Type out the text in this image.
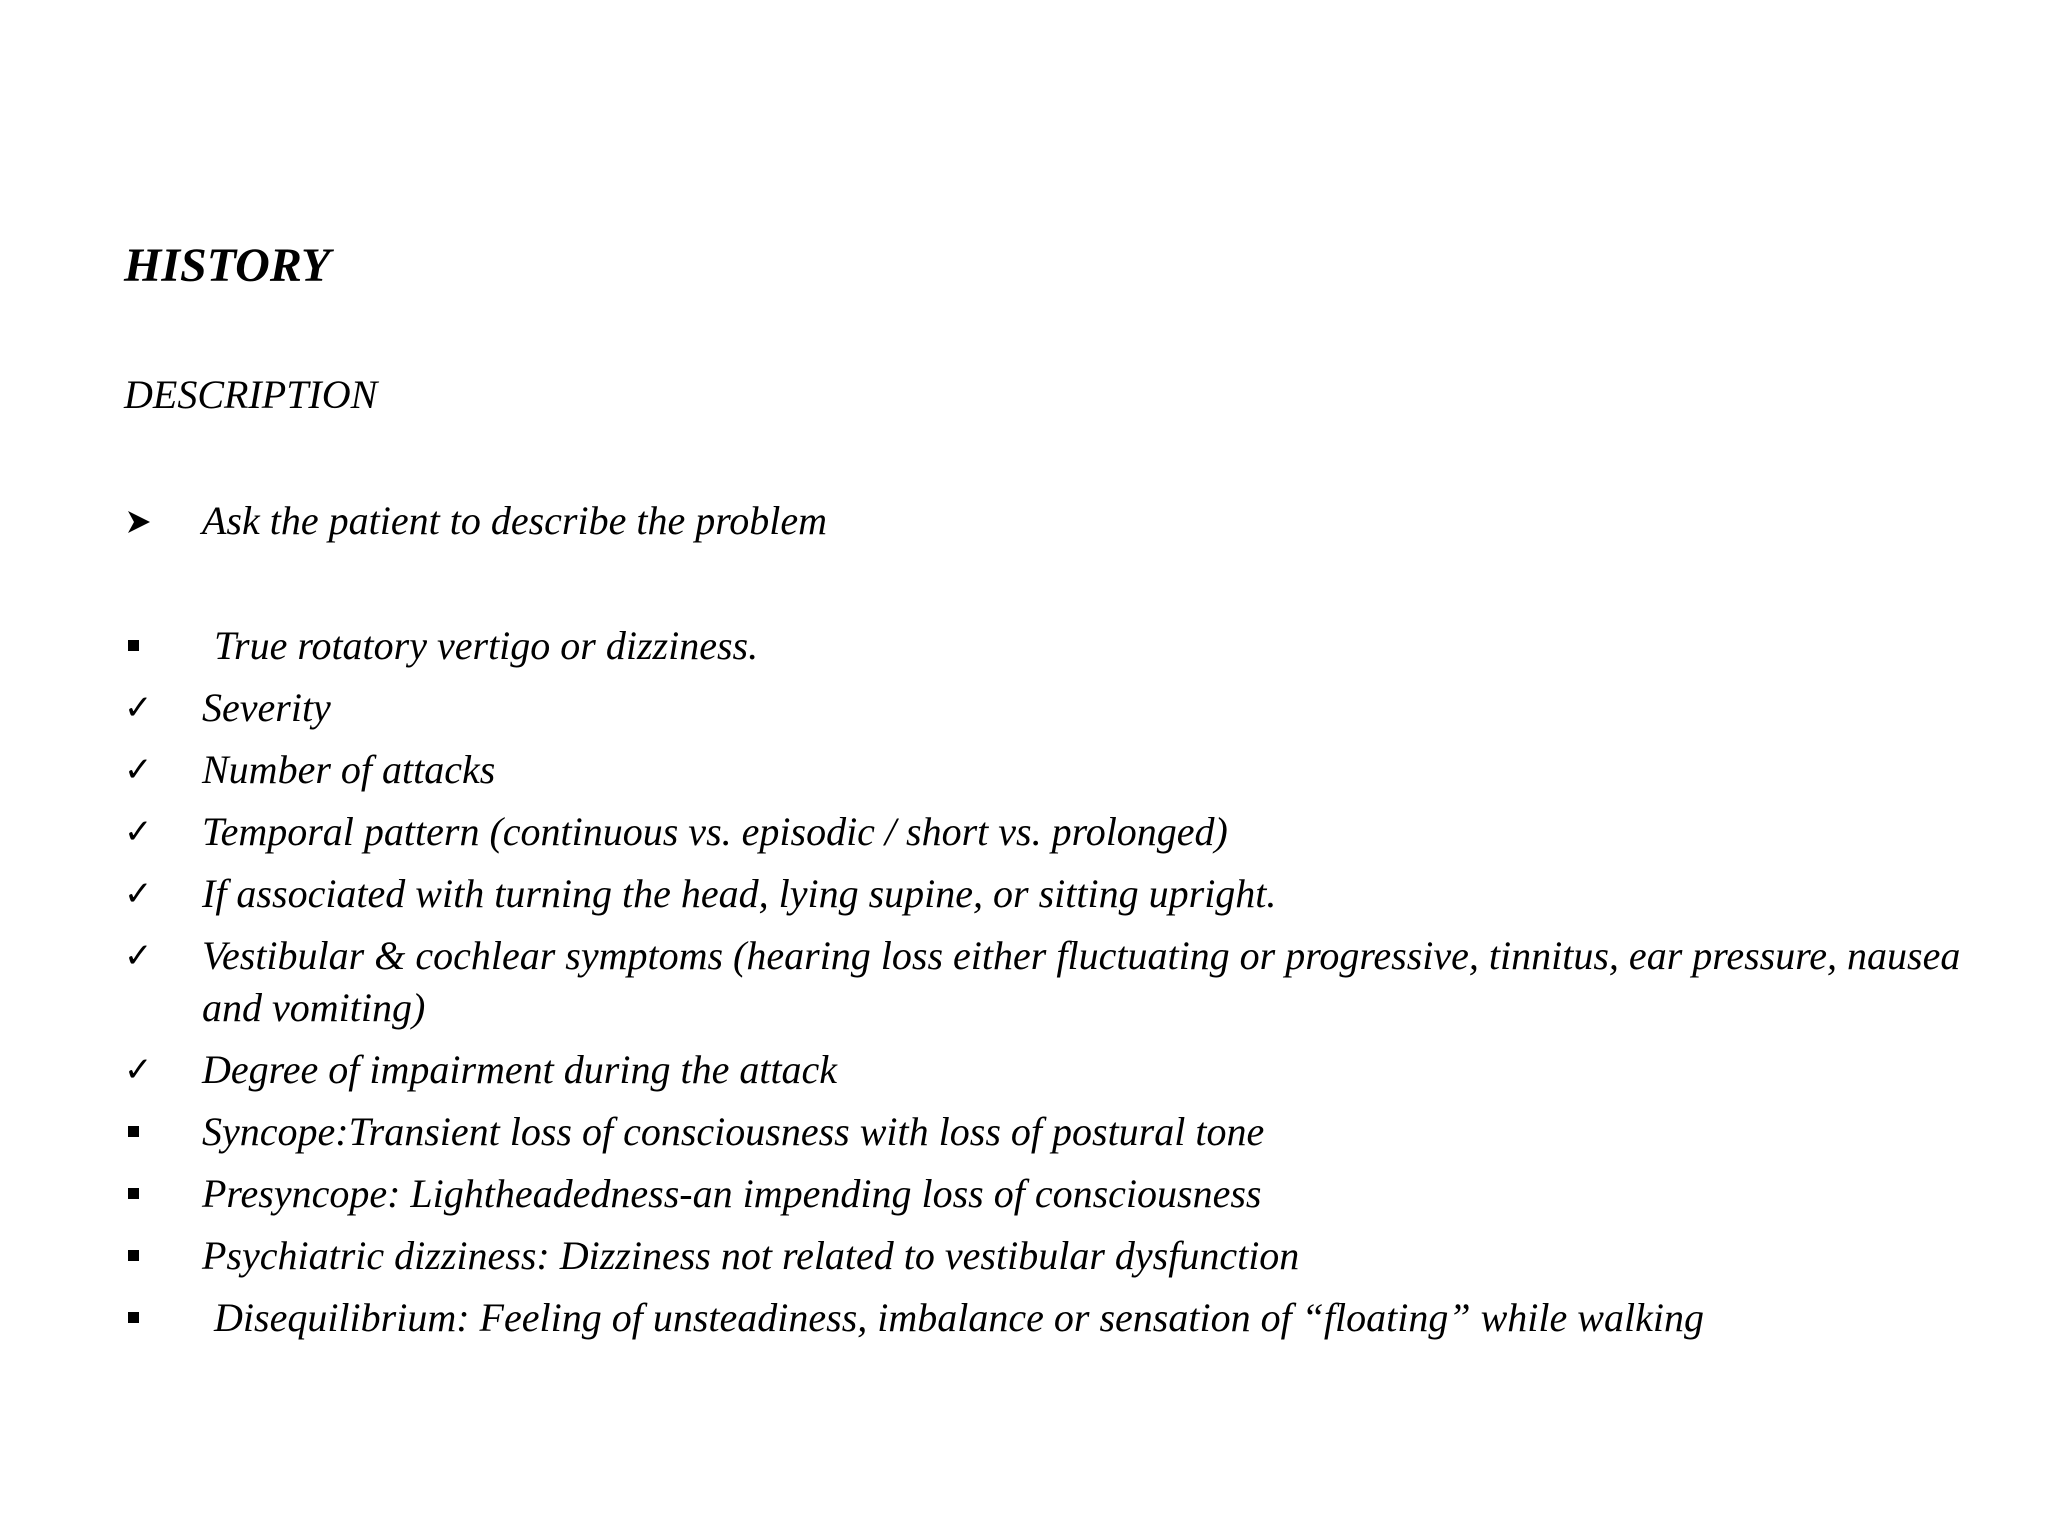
HISTORY
DESCRIPTION
Ask the patient to describe the problem
True rotatory vertigo or dizziness.
✓ Severity
✓ Number of attacks
✓ Temporal pattern (continuous vs. episodic / short vs. prolonged)
✓ If associated with turning the head, lying supine, or sitting upright.
✓ Vestibular & cochlear symptoms (hearing loss either fluctuating or progressive, tinnitus, ear pressure, nausea and vomiting)
✓ Degree of impairment during the attack
Syncope:Transient loss of consciousness with loss of postural tone
Presyncope: Lightheadedness-an impending loss of consciousness
Psychiatric dizziness: Dizziness not related to vestibular dysfunction
Disequilibrium: Feeling of unsteadiness, imbalance or sensation of “floating” while walking
